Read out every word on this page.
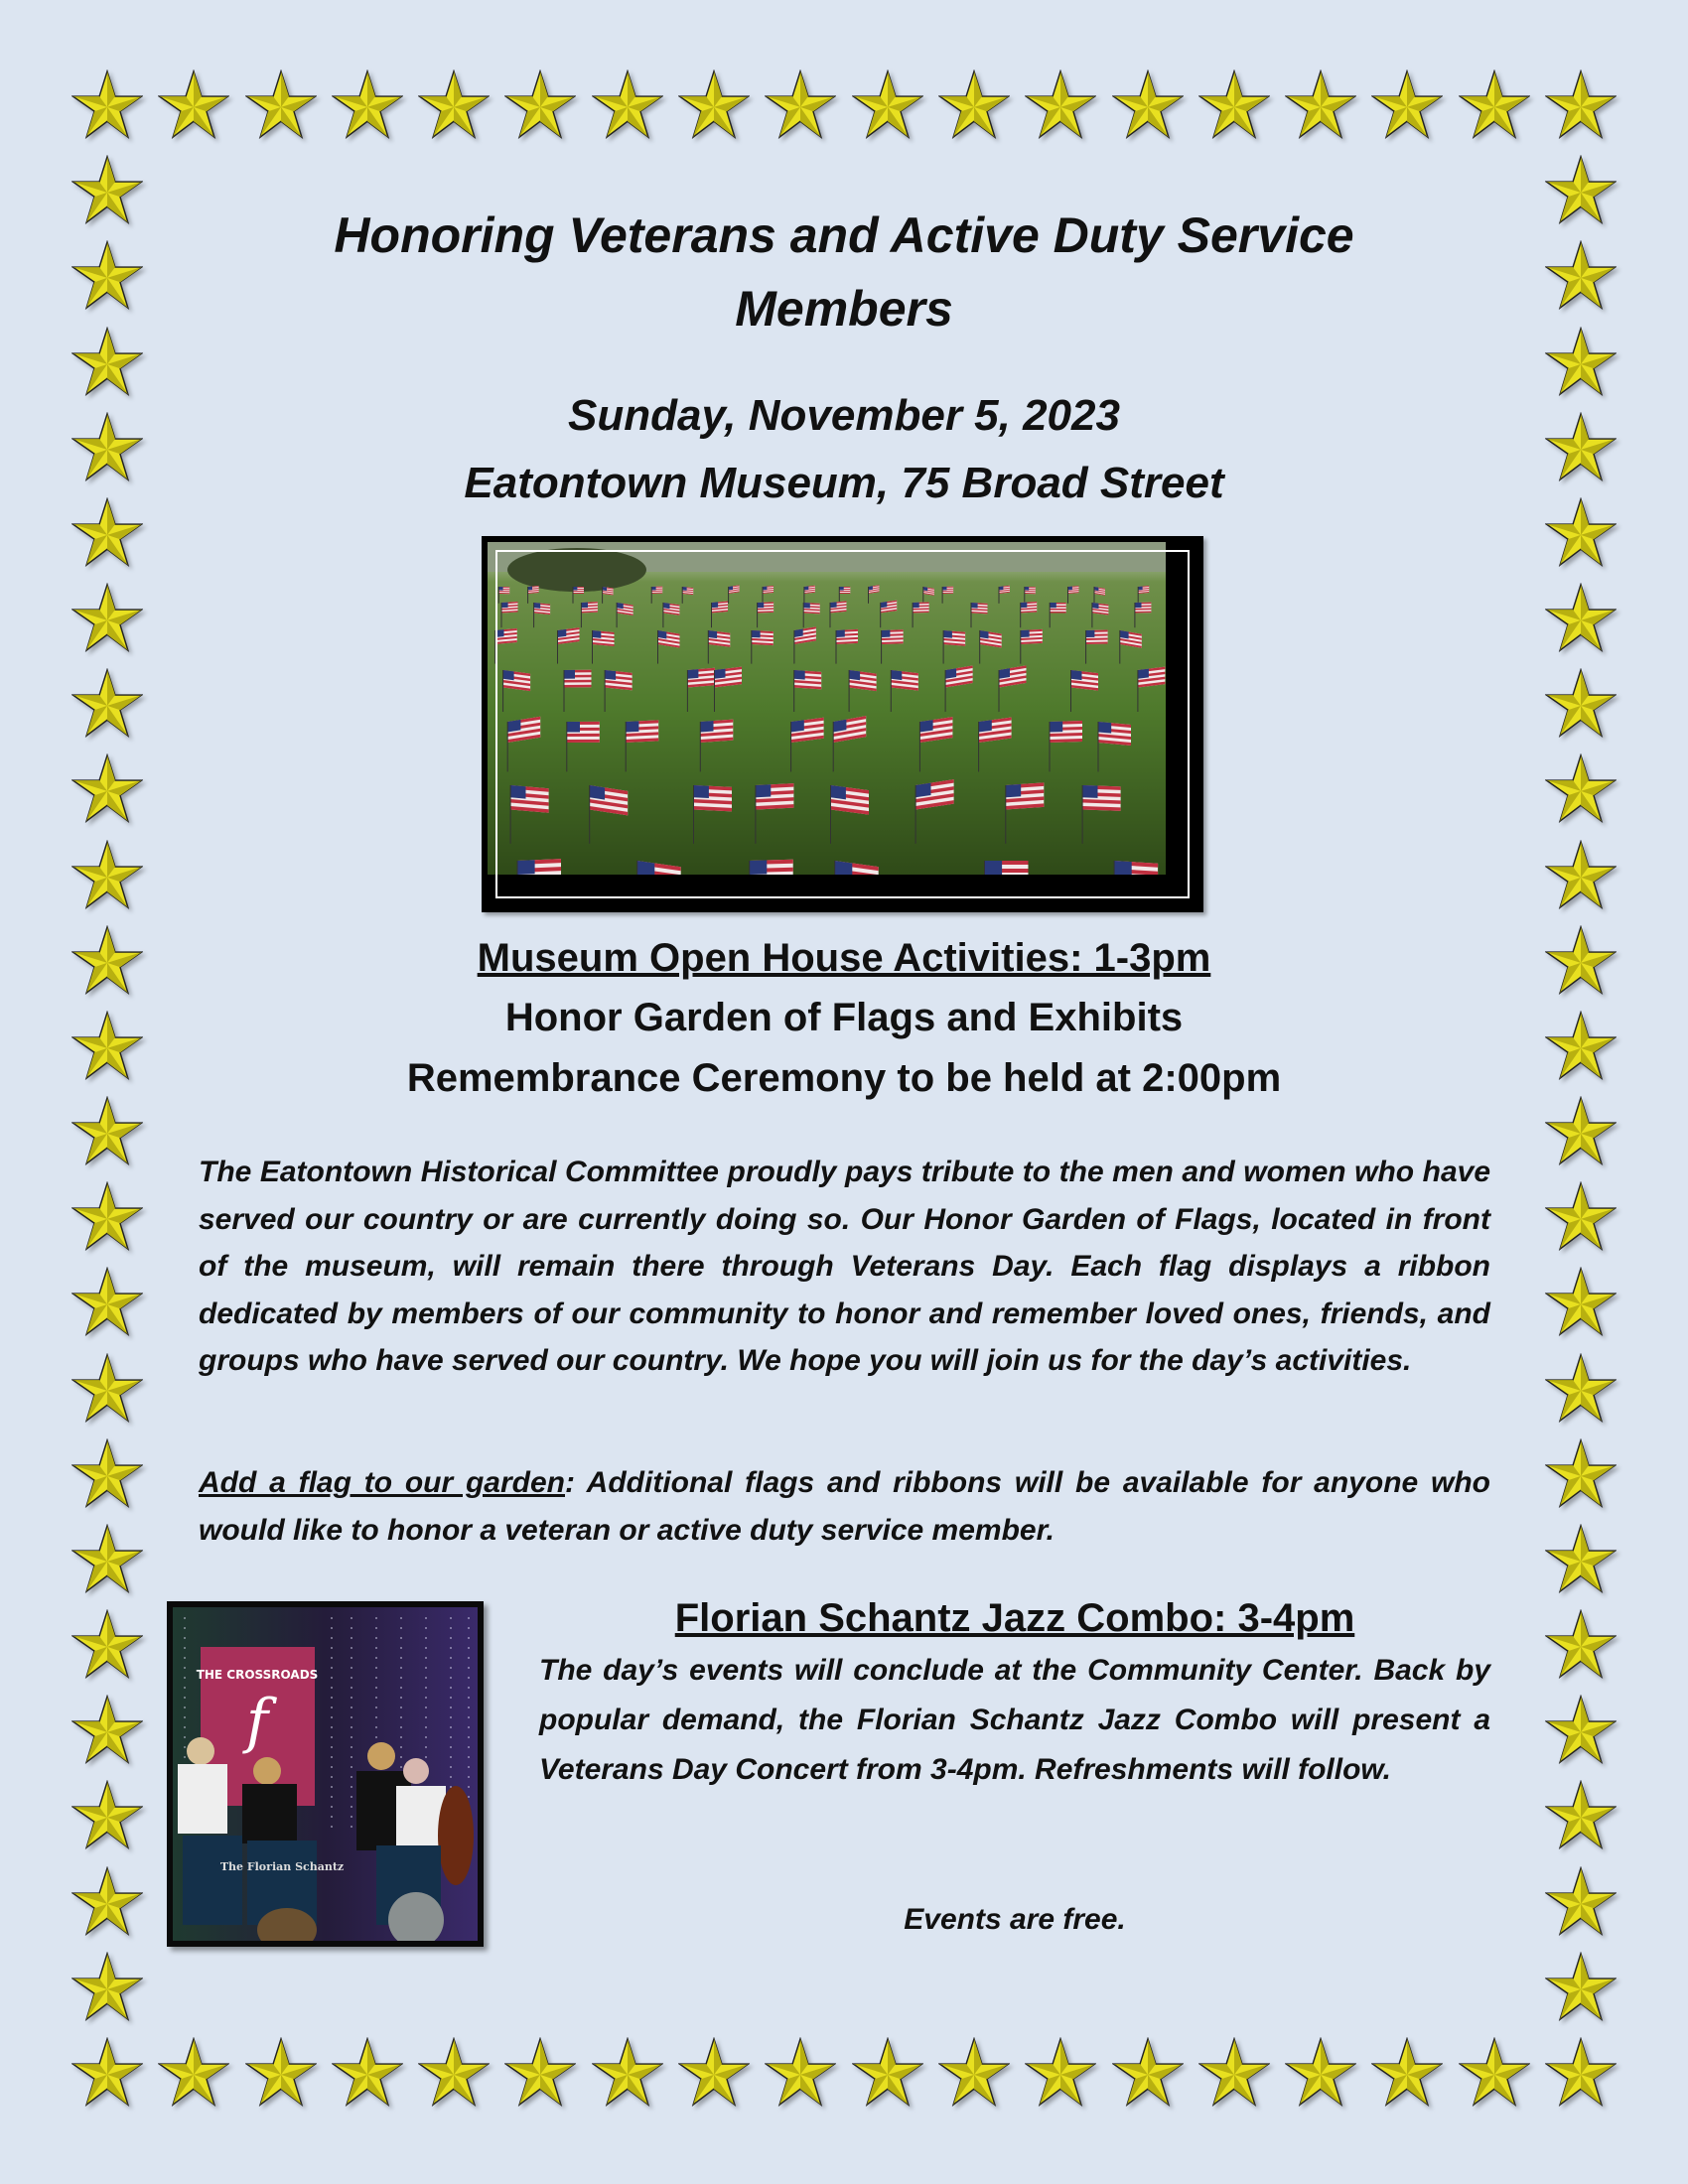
Honoring Veterans and Active Duty Service Members
Sunday, November 5, 2023
Eatontown Museum, 75 Broad Street
Museum Open House Activities: 1-3pm
Honor Garden of Flags and Exhibits
Remembrance Ceremony to be held at 2:00pm
The Eatontown Historical Committee proudly pays tribute to the men and women who have served our country or are currently doing so. Our Honor Garden of Flags, located in front of the museum, will remain there through Veterans Day. Each flag displays a ribbon dedicated by members of our community to honor and remember loved ones, friends, and groups who have served our country. We hope you will join us for the day’s activities.
Add a flag to our garden: Additional flags and ribbons will be available for anyone who would like to honor a veteran or active duty service member.
THE CROSSROADS
f
The Florian Schantz
Florian Schantz Jazz Combo: 3-4pm
The day’s events will conclude at the Community Center. Back by popular demand, the Florian Schantz Jazz Combo will present a Veterans Day Concert from 3-4pm. Refreshments will follow.
Events are free.
